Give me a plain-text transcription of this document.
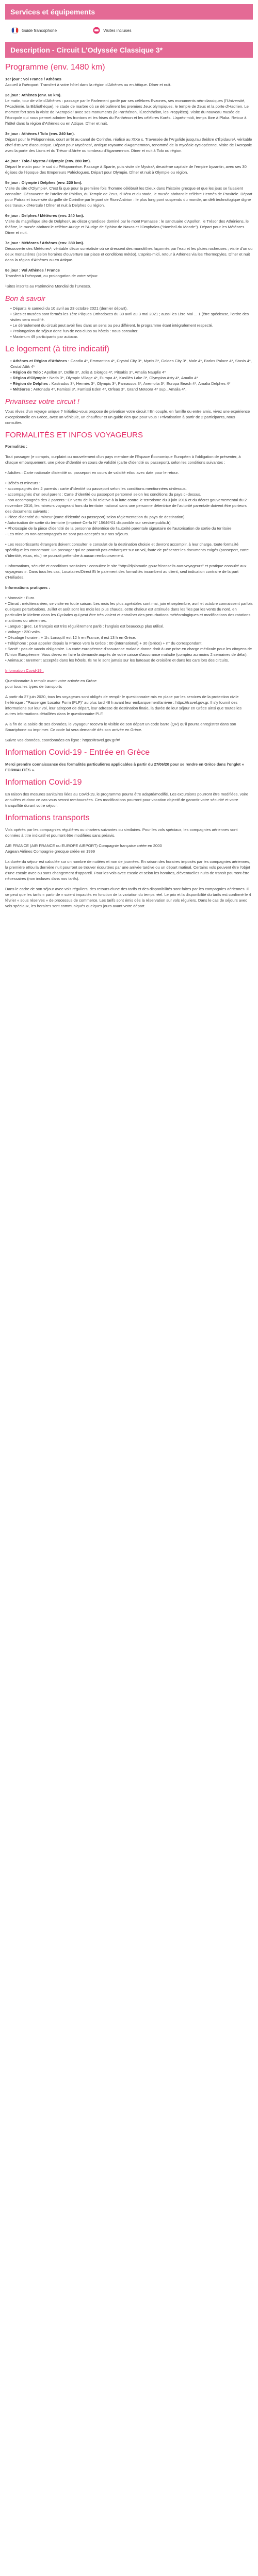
Services et équipements
Guide francophone	Visites incluses
Description - Circuit L'Odyssée Classique 3*
Programme (env. 1480 km)

1er jour : Vol France / Athènes
Accueil à l'aéroport. Transfert à votre hôtel dans la région d'Athènes ou en Attique. Dîner et nuit.

2e jour : Athènes (env. 60 km).
Le matin, tour de ville d'Athènes : passage par le Parlement gardé par ses célèbres Evzones, ses monuments néo-classiques (l'Université, l'Académie, la Bibliothèque), le stade de marbre où se déroulèrent les premiers Jeux olympiques, le temple de Zeus et la porte d'Hadrien. Le moment fort sera la visite de l'Acropole¹ avec ses monuments (le Parthénon, l'Érechthéion, les Propylées). Visite du nouveau musée de l'Acropole qui nous permet admirer les frontons et les frises du Parthénon et les célèbres Korés. L'après-midi, temps libre à Plaka. Retour à l'hôtel dans la région d'Athènes ou en Attique. Dîner et nuit.

3e jour : Athènes / Tolo (env. 240 km).
Départ pour le Péloponnèse, court arrêt au canal de Corinthe, réalisé au XIXe s. Traversée de l'Argolide jusqu'au théâtre d'Épidaure¹, véritable chef-d'œuvre d'acoustique. Départ pour Mycènes¹, antique royaume d'Agamemnon, renommé de la mycéale cyclopéenne. Visite de l'Acropole avec la porte des Lions et du Trésor d'Atrée ou tombeau d'Agamemnon. Dîner et nuit à Tolo ou région.

4e jour : Tolo / Mystra / Olympie (env. 280 km).
Départ le matin pour le sud du Péloponnèse. Passage à Sparte, puis visite de Mystra¹, deuxième capitale de l'empire byzantin, avec ses 30 églises de l'époque des Empereurs Paléologues. Départ pour Olympie. Dîner et nuit à Olympie ou région.

5e jour : Olympie / Delphes (env. 220 km).
Visite du site d'Olympie¹. C'est là que pour la première fois l'homme célébrait les Dieux dans l'histoire grecque et que les jeux se faisaient connaître. Découverte de l'atelier de Phidias, du Temple de Zeus, d'Héra et du stade, le musée abritant le célèbre Hermès de Praxitèle. Départ pour Patras et traversée du golfe de Corinthe par le pont de Rion-Antirion : le plus long pont suspendu du monde, un défi technologique digne des travaux d'Hercule ! Dîner et nuit à Delphes ou région.

6e jour : Delphes / Météores (env. 240 km).
Visite du magnifique site de Delphes¹, au décor grandiose dominé par le mont Parnasse : le sanctuaire d'Apollon, le Trésor des Athéniens, le théâtre, le musée abritant le célèbre Aurige et l'Aurige de Sphinx de Naxos et l'Omphalos ("Nombril du Monde"). Départ pour les Météores. Dîner et nuit.

7e jour : Météores / Athènes (env. 380 km).
Découverte des Météores¹, véritable décor surréaliste où se dressent des monolithes façonnés par l'eau et les pluies rocheuses ; visite d'un ou deux monastères (selon horaires d'ouverture sur place et conditions météo). L'après-midi, retour à Athènes via les Thermopyles. Dîner et nuit dans la région d'Athènes ou en Attique.

8e jour : Vol Athènes / France
Transfert à l'aéroport, ou prolongation de votre séjour.

¹Sites inscrits au Patrimoine Mondial de l'Unesco.

Bon à savoir
• Départs le samedi du 10 avril au 23 octobre 2021 (dernier départ).
• Sites et musées sont fermés les 1ère Pâques Orthodoxes du 30 avril au 3 mai 2021 ; aussi les 1ère Mai ... 1 (être spécieuse, l'ordre des visites sera modifié.
• Le déroulement du circuit peut avoir lieu dans un sens ou peu différent, le programme étant intégralement respecté.
• Prolongation de séjour donc l'un de nos clubs ou hôtels : nous consulter.
• Maximum 49 participants par autocar.
Le logement (à titre indicatif)
• Athènes et Région d'Athènes : Candia 4*, Emmantina 4*, Crystal City 3*, Myrtis 3*, Golden City 3*, Male 4*, Barlos Palace 4*, Stasis 4*, Cristal Attik 4*
• Région de Tolo : Apollon 3*, Dolfin 3*, Jolis & Giorgos 4*, Pitsakis 3*, Amalia Nauplie 4*
• Région d'Olympie : Neda 3*, Olympic Village 4*, Europa 4*, Kasiliès Lake 3*, Olympion Asty 4*, Amalia 4*
• Région de Delphes : Kastrados 3*, Hermès 3*, Olympic 3*, Parnassos 3*, Anemolia 3*, Europa Beach 4*, Amalia Delphes 4*
• Météores : Antonada 4*, Famissi 3*, Famissi Eden 4*, Orfeas 3*, Grand Meteora 4* sup., Amalia 4*.
Privatisez votre circuit !

Vous rêvez d'un voyage unique ? Initialiez-vous propose de privatiser votre circuit ! En couple, en famille ou entre amis, vivez une expérience exceptionnelle en Grèce, avec un véhicule, un chauffeur et un guide rien que pour vous ! Privatisation à partir de 2 participants, nous consulter.

FORMALITÉS ET INFOS VOYAGEURS

Formalités :

Tout passager (e compris, ourplaint ou nouvelement d'un pays membre de l'Espace Économique Européen à l'obligation de présenter, à chaque embarquement, une pièce d'identité en cours de validité (carte d'identité ou passeport), selon les conditions suivantes :

• Adultes : Carte nationale d'identité ou passeport en cours de validité et/ou avec date pour le retour.

• Bébés et mineurs :
- accompagnés des 2 parents : carte d'identité ou passeport selon les conditions mentionnées ci-dessus.
- accompagnés d'un seul parent : Carte d'identité ou passeport personnel selon les conditions du pays ci-dessus.
- non accompagnés des 2 parents : En vertu de la loi relative à la lutte contre le terrorisme du 3 juin 2016 et du décret gouvernemental du 2 novembre 2016, les mineurs voyageant hors du territoire national sans une personne détentrice de l'autorité parentale doivent être porteurs des documents suivants :
• Pièce d'identité du mineur (carte d'identité ou passeport) selon réglementation du pays de destination)
• Autorisation de sortie du territoire (imprimé Cerfa N° 15646*01 disponible sur service-public.fr)
• Photocopie de la pièce d'identité de la personne détentrice de l'autorité parentale signataire de l'autorisation de sortie du territoire
- Les mineurs non accompagnés ne sont pas acceptés sur nos séjours.

• Les ressortissants étrangers doivent consulter le consulat de la destination choisie et devront accomplir, à leur charge, toute formalité spécifique les concernant. Un passager qui ne pourrait pas embarquer sur un vol, faute de présenter les documents exigés (passeport, carte d'identité, visas, etc.) ne pourrait prétendre à aucun remboursement.

• Informations, sécurité et conditions sanitaires : consultez le site "http://diplomatie.gouv.fr/conseils-aux-voyageurs" et pratique consulté aux voyageurs ». Dans tous les cas, Locataires/Direct Et le paiement des formalités incombent au client, seul indication contraire de la part d'Héliades.

Informations pratiques :

• Monnaie : Euro.
• Climat : méditerranéen, se visite en toute saison. Les mois les plus agréables sont mai, juin et septembre, avril et octobre connaissent parfois quelques perturbations. Juillet et août sont les mois les plus chauds, cette chaleur est atténuée dans les îles par les vents du nord, en particulier le Meltem dans les Cyclades qui peut être très violent et entraîner des perturbations météorologiques et modifications des rotations maritimes ou aériennes.
• Langue : grec. Le français est très régulièrement parlé : l'anglais est beaucoup plus utilisé.
• Voltage : 220 volts.
• Décalage horaire : + 1h. Lorsqu'il est 12 h en France, il est 13 h en Grèce.
• Téléphone : pour appeler depuis la France vers la Grèce : 00 (international) + 30 (Grèce) + n° du correspondant.
• Santé : pas de vaccin obligatoire. La carte européenne d'assurance maladie donne droit à une prise en charge médicale pour les citoyens de l'Union Européenne. Vous devez en faire la demande auprès de votre caisse d'assurance maladie (comptez au moins 2 semaines de délai).
• Animaux : rarement acceptés dans les hôtels. Ils ne le sont jamais sur les bateaux de croisière et dans les cars lors des circuits.

Information Covid-19 :

Questionnaire à remplir avant votre arrivée en Grèce
pour tous les types de transports

A partir du 27 juin 2020, tous les voyageurs sont obligés de remplir le questionnaire mis en place par les services de la protection civile hellénique : "Passenger Locator Form (PLF)" au plus tard 48 h avant leur embarquement/arrivée : https://travel.gov.gr. Il s'y fournit des informations sur leur vol, leur aéroport de départ, leur adresse de destination finale, la durée de leur séjour en Grèce ainsi que toutes les autres informations détaillées dans le questionnaire PLF.

A la fin de la saisie de ses données, le voyageur recevra le visible de son départ un code barre (QR) qu'il pourra enregistrer dans son Smartphone ou imprimer. Ce code lui sera demandé dès son arrivée en Grèce.

Suivre vos données, coordonnées en ligne : https://travel.gov.gr/#/

Information Covid-19 - Entrée en Grèce

Merci prendre connaissance des formalités particulières applicables à partir du 27/06/20 pour se rendre en Grèce dans l'onglet « FORMALITÉS ».

Information Covid-19

En raison des mesures sanitaires liées au Covid-19, le programme pourra être adapté/modifié. Les excursions pourront être modifiées, voire annulées et donc ce cas vous seront remboursées. Ces modifications pourront pour vocation objectif de garantir votre sécurité et votre tranquillité durant votre séjour.

Informations transports

Vols opérés par les compagnies régulières ou charters suivantes ou similaires. Pour les vols spéciaux, les compagnies aériennes sont données à titre indicatif et pourront être modifiées sans préavis.

AIR FRANCE (AIR FRANCE ou EUROPE AIRPORT) Compagnie française créée en 2000
Aegean Airlines Compagnie grecque créée en 1999

La durée du séjour est calculée sur un nombre de nuitées et non de journées. En raison des horaires imposés par les compagnies aériennes, la première et/ou la dernière nuit pourront se trouver écourtées par une arrivée tardive ou un départ matinal. Certains vols peuvent être l'objet d'une escale avec ou sans changement d'appareil. Pour les vols avec escale et selon les horaires, d'éventuelles nuits de transit pourront être nécessaires (non incluses dans nos tarifs).

Dans le cadre de son séjour avec vols réguliers, des retours d'une des tarifs et des disponibilités sont faites par les compagnies aériennes. Il se peut que les tarifs « partir de » soient impactés en fonction de la variation du temps réel. Le prix et la disponibilité du tarifs est confirmé le 4 février « sous réserves » de processus de commerce. Les tarifs sont émis dès la réservation sur vols réguliers. Dans le cas de séjours avec vols spéciaux, les horaires sont communiqués quelques jours avant votre départ.
